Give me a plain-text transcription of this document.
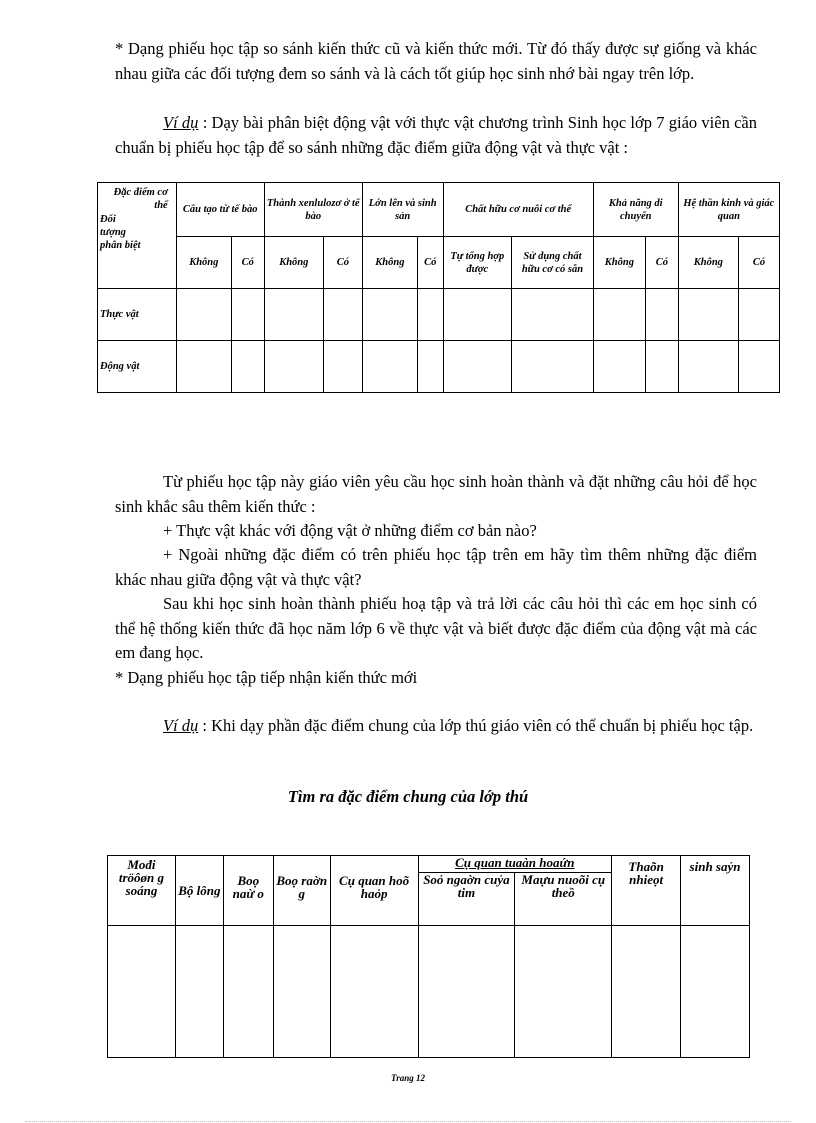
* Dạng phiếu học tập so sánh kiến thức cũ và kiến thức mới. Từ đó thấy được sự giống và khác nhau giữa các đối tượng đem so sánh và là cách tốt giúp học sinh nhớ bài ngay trên lớp.

Ví dụ : Dạy bài phân biệt động vật với thực vật chương trình Sinh học lớp 7 giáo viên cần chuẩn bị phiếu học tập để so sánh những đặc điểm giữa động vật và thực vật :

Đặc điểm cơ thể
Đối tượng phân biệt	Cấu tạo từ tế bào		Thành xenlulozơ ở tế bào		Lớn lên và sinh sản		Chất hữu cơ nuôi cơ thể		Khả năng di chuyển		Hệ thần kinh và giác quan	
	Không	Có	Không	Có	Không	Có	Tự tổng hợp được	Sử dụng chất hữu cơ có sẵn	Không	Có	Không	Có
Thực vật												
Động vật												

Từ phiếu học tập này giáo viên yêu cầu học sinh hoàn thành và đặt những câu hỏi để học sinh khắc sâu thêm kiến thức :

+ Thực vật khác với động vật ở những điểm cơ bản nào?

+ Ngoài những đặc điểm có trên phiếu học tập trên em hãy tìm thêm những đặc điểm khác nhau giữa động vật và thực vật?

Sau khi học sinh hoàn thành phiếu hoạ tập và trả lời các câu hỏi thì các em học sinh có thể hệ thống kiến thức đã học năm lớp 6 về thực vật và biết được đặc điểm của động vật mà các em đang học.

* Dạng phiếu học tập tiếp nhận kiến thức mới

Ví dụ : Khi dạy phần đặc điểm chung của lớp thú giáo viên có thể chuẩn bị phiếu học tập.

Tìm ra đặc điểm chung của lớp thú
Mođi tröôøn g soáng	Bộ lông	Boọ naừ o	Boọ raờn g	Cụ quan hoõ haỏp	Cụ quan tuaàn hoaứn		Thaõn nhieọt	sinh saỷn
					Soỏ ngaờn cuỷa tim	Maựu nuoõi cụ theồ		

Trang 12
